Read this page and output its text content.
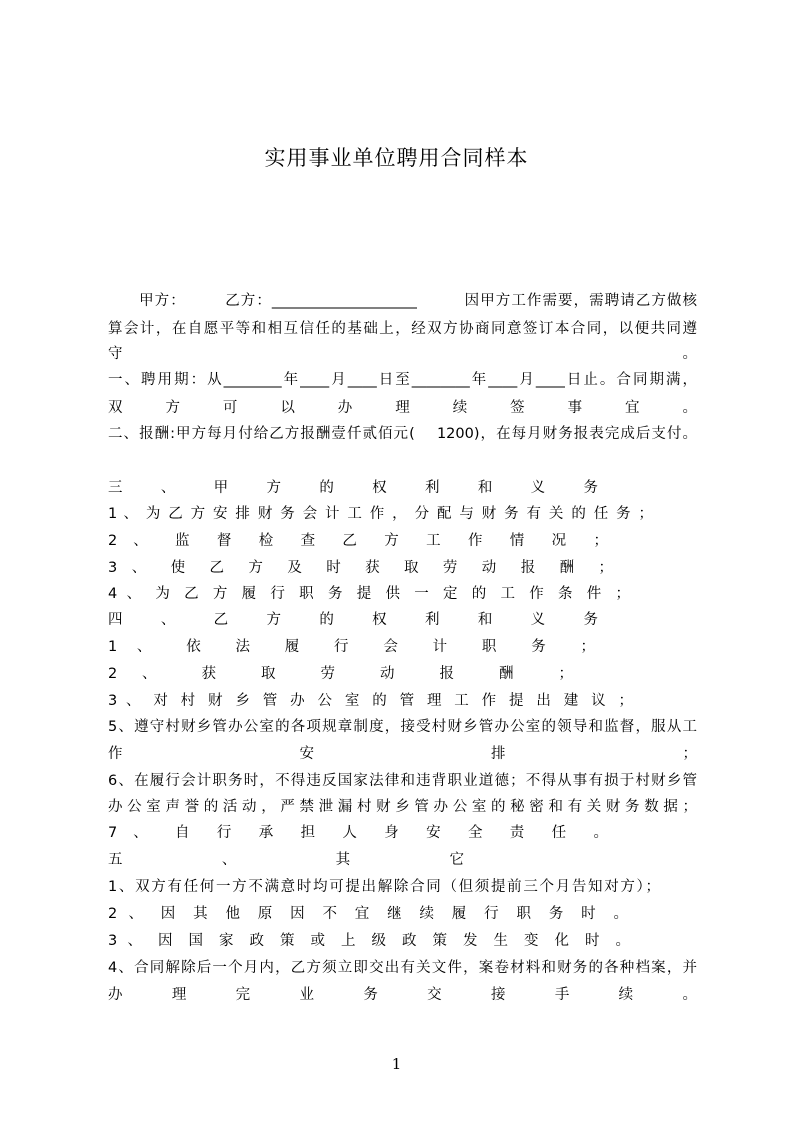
实用事业单位聘用合同样本
　　甲方：　　　乙方：____________________　　　因甲方工作需要，需聘请乙方做核
算会计，在自愿平等和相互信任的基础上，经双方协商同意签订本合同，以便共同遵
守　。
一、聘用期：从________年____月____日至________年____月____日止。合同期满，
双 方 可 以 办 理 续 签 事 宜 。
二、报酬:甲方每月付给乙方报酬壹仟贰佰元(　 1200)，在每月财务报表完成后支付。
三 、 甲 方 的 权 利 和 义 务
1 、 为 乙 方 安 排 财 务 会 计 工 作 ， 分 配 与 财 务 有 关 的 任 务 ；
2 、 监 督 检 查 乙 方 工 作 情 况 ；
3 、 使 乙 方 及 时 获 取 劳 动 报 酬 ；
4 、 为 乙 方 履 行 职 务 提 供 一 定 的 工 作 条 件 ；
四 、 乙 方 的 权 利 和 义 务
1 、 依 法 履 行 会 计 职 务 ；
2 、 获 取 劳 动 报 酬 ；
3 、 对 村 财 乡 管 办 公 室 的 管 理 工 作 提 出 建 议 ；
5、遵守村财乡管办公室的各项规章制度，接受村财乡管办公室的领导和监督，服从工
作 安 排 ；
6、在履行会计职务时，不得违反国家法律和违背职业道德；不得从事有损于村财乡管
办公室声誉的活动，严禁泄漏村财乡管办公室的秘密和有关财务数据；
7 、 自 行 承 担 人 身 安 全 责 任 。
五 、 其 它
1、双方有任何一方不满意时均可提出解除合同（但须提前三个月告知对方）；
2 、 因 其 他 原 因 不 宜 继 续 履 行 职 务 时 。
3 、 因 国 家 政 策 或 上 级 政 策 发 生 变 化 时 。
4、合同解除后一个月内，乙方须立即交出有关文件，案卷材料和财务的各种档案，并
办 理 完 业 务 交 接 手 续 。
1
